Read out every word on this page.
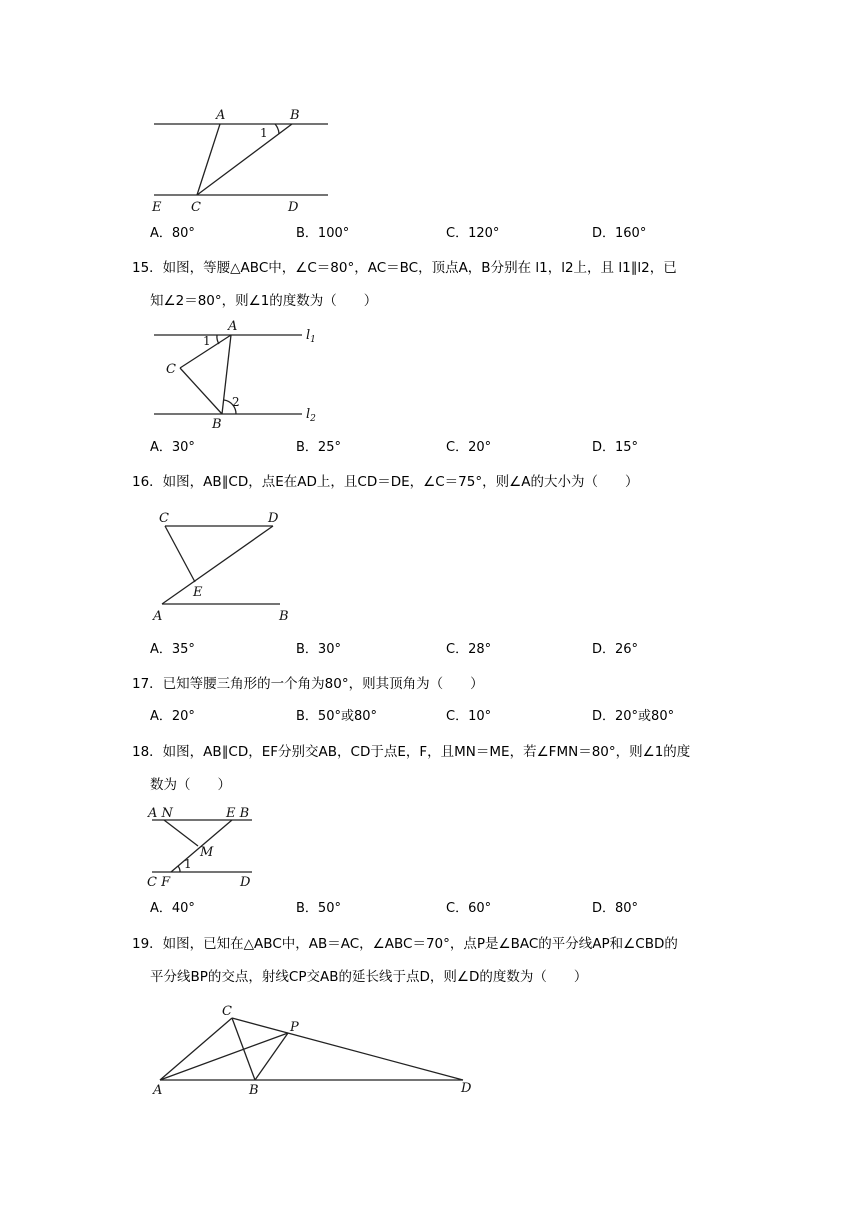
A	B
C	D
E
1
A．80°	B．100°	C．120°	D．160°
15．如图，等腰△ABC中，∠C＝80°，AC＝BC，顶点A，B分别在 l1，l2上，且 l1∥l2，已
知∠2＝80°，则∠1的度数为（　　）
A
C
B
1
2
$l_1$
$l_2$
A．30°	B．25°	C．20°	D．15°
16．如图，AB∥CD，点E在AD上，且CD＝DE，∠C＝75°，则∠A的大小为（　　）
C	D
E
A	B
A．35°	B．30°	C．28°	D．26°
17．已知等腰三角形的一个角为80°，则其顶角为（　　）
A．20°	B．50°或80°	C．10°	D．20°或80°
18．如图，AB∥CD，EF分别交AB，CD于点E，F，且MN＝ME，若∠FMN＝80°，则∠1的度
数为（　　）
A N	E B
M
1
C F	D
A．40°	B．50°	C．60°	D．80°
19．如图，已知在△ABC中，AB＝AC，∠ABC＝70°，点P是∠BAC的平分线AP和∠CBD的
平分线BP的交点，射线CP交AB的延长线于点D，则∠D的度数为（　　）
C
P
A	B	D
